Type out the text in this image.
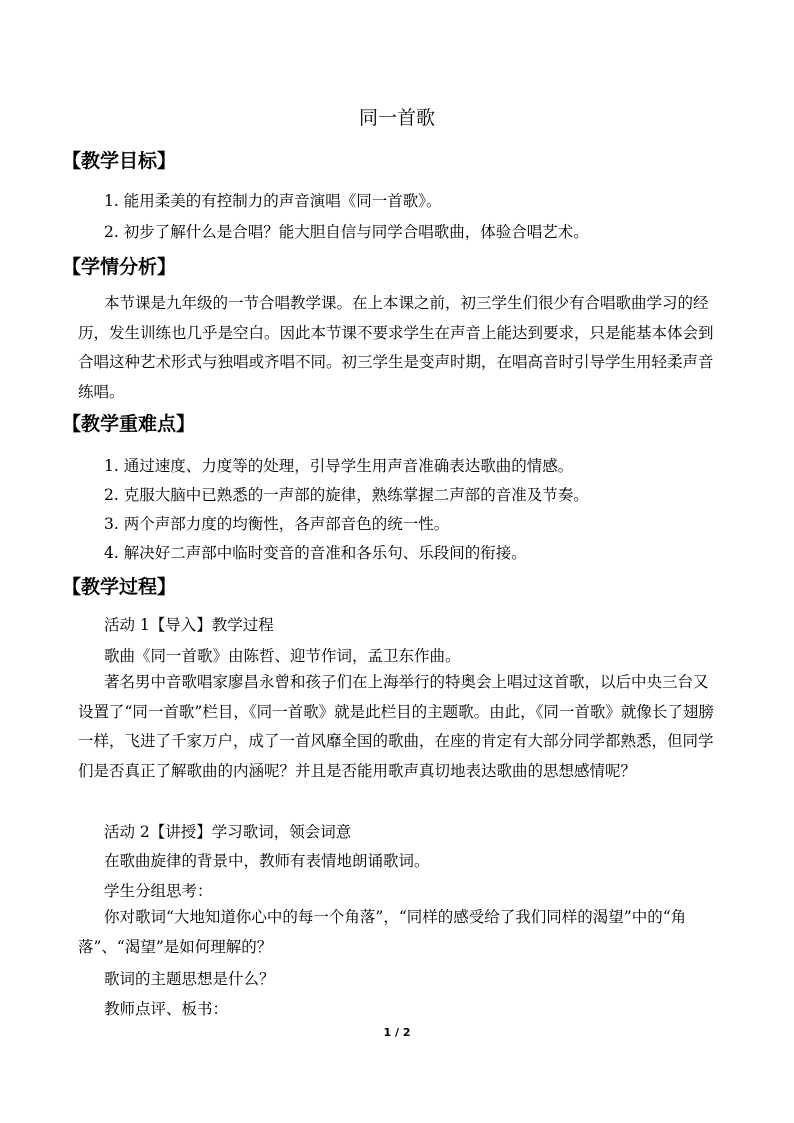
同一首歌
【教学目标】
1. 能用柔美的有控制力的声音演唱《同一首歌》。
2. 初步了解什么是合唱？能大胆自信与同学合唱歌曲，体验合唱艺术。
【学情分析】
本节课是九年级的一节合唱教学课。在上本课之前，初三学生们很少有合唱歌曲学习的经历，发生训练也几乎是空白。因此本节课不要求学生在声音上能达到要求，只是能基本体会到合唱这种艺术形式与独唱或齐唱不同。初三学生是变声时期，在唱高音时引导学生用轻柔声音练唱。
【教学重难点】
1. 通过速度、力度等的处理，引导学生用声音准确表达歌曲的情感。
2. 克服大脑中已熟悉的一声部的旋律，熟练掌握二声部的音准及节奏。
3. 两个声部力度的均衡性，各声部音色的统一性。
4. 解决好二声部中临时变音的音准和各乐句、乐段间的衔接。
【教学过程】
活动 1【导入】教学过程
歌曲《同一首歌》由陈哲、迎节作词，孟卫东作曲。
著名男中音歌唱家廖昌永曾和孩子们在上海举行的特奥会上唱过这首歌，以后中央三台又设置了“同一首歌”栏目，《同一首歌》就是此栏目的主题歌。由此，《同一首歌》就像长了翅膀一样，飞进了千家万户，成了一首风靡全国的歌曲，在座的肯定有大部分同学都熟悉，但同学们是否真正了解歌曲的内涵呢？并且是否能用歌声真切地表达歌曲的思想感情呢？
活动 2【讲授】学习歌词，领会词意
在歌曲旋律的背景中，教师有表情地朗诵歌词。
学生分组思考：
你对歌词“大地知道你心中的每一个角落”，“同样的感受给了我们同样的渴望”中的“角落”、“渴望”是如何理解的？
歌词的主题思想是什么？
教师点评、板书：
1 / 2
